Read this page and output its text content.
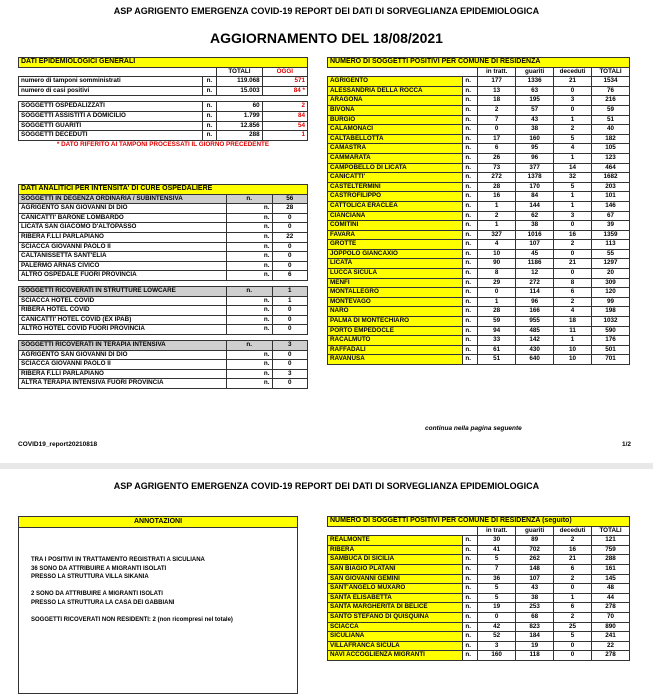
ASP AGRIGENTO EMERGENZA COVID-19 REPORT DEI DATI DI SORVEGLIANZA EPIDEMIOLOGICA
AGGIORNAMENTO DEL 18/08/2021
DATI EPIDEMIOLOGICI GENERALI			
		TOTALI	OGGI
numero di tamponi somministrati	n.	119.068	571
numero di casi positivi	n.	15.003	84 *

SOGGETTI OSPEDALIZZATI	n.	60	2
SOGGETTI ASSISTITI A DOMICILIO	n.	1.799	84
SOGGETTI GUARITI	n.	12.856	54
SOGGETTI DECEDUTI	n.	288	1
* DATO RIFERITO AI TAMPONI PROCESSATI IL GIORNO PRECEDENTE			
DATI ANALITICI PER INTENSITA' DI CURE OSPEDALIERE		
SOGGETTI IN DEGENZA ORDINARIA / SUBINTENSIVA	n.	56
AGRIGENTO SAN GIOVANNI DI DIO	n.	28
CANICATTI' BARONE LOMBARDO	n.	0
LICATA SAN GIACOMO D'ALTOPASSO	n.	0
RIBERA F.LLI PARLAPIANO	n.	22
SCIACCA GIOVANNI PAOLO II	n.	0
CALTANISSETTA SANT'ELIA	n.	0
PALERMO ARNAS CIVICO	n.	0
ALTRO OSPEDALE FUORI PROVINCIA	n.	6

SOGGETTI RICOVERATI IN STRUTTURE LOWCARE	n.	1
SCIACCA HOTEL COVID	n.	1
RIBERA HOTEL COVID	n.	0
CANICATTI' HOTEL COVID (EX IPAB)	n.	0
ALTRO HOTEL COVID FUORI PROVINCIA	n.	0

SOGGETTI RICOVERATI IN TERAPIA INTENSIVA	n.	3
AGRIGENTO SAN GIOVANNI DI DIO	n.	0
SCIACCA GIOVANNI PAOLO II	n.	0
RIBERA F.LLI PARLAPIANO	n.	3
ALTRA TERAPIA INTENSIVA FUORI PROVINCIA	n.	0
NUMERO DI SOGGETTI POSITIVI PER COMUNE DI RESIDENZA					
		in tratt.	guariti	deceduti	TOTALI
AGRIGENTO	n.	177	1336	21	1534
ALESSANDRIA DELLA ROCCA	n.	13	63	0	76
ARAGONA	n.	18	195	3	216
BIVONA	n.	2	57	0	59
BURGIO	n.	7	43	1	51
CALAMONACI	n.	0	38	2	40
CALTABELLOTTA	n.	17	160	5	182
CAMASTRA	n.	6	95	4	105
CAMMARATA	n.	26	96	1	123
CAMPOBELLO DI LICATA	n.	73	377	14	464
CANICATTI'	n.	272	1378	32	1682
CASTELTERMINI	n.	28	170	5	203
CASTROFILIPPO	n.	16	84	1	101
CATTOLICA ERACLEA	n.	1	144	1	146
CIANCIANA	n.	2	62	3	67
COMITINI	n.	1	38	0	39
FAVARA	n.	327	1016	16	1359
GROTTE	n.	4	107	2	113
JOPPOLO GIANCAXIO	n.	10	45	0	55
LICATA	n.	90	1186	21	1297
LUCCA SICULA	n.	8	12	0	20
MENFI	n.	29	272	8	309
MONTALLEGRO	n.	0	114	6	120
MONTEVAGO	n.	1	96	2	99
NARO	n.	28	166	4	198
PALMA DI MONTECHIARO	n.	59	955	18	1032
PORTO EMPEDOCLE	n.	94	485	11	590
RACALMUTO	n.	33	142	1	176
RAFFADALI	n.	61	430	10	501
RAVANUSA	n.	51	640	10	701
continua nella pagina seguente
COVID19_report20210818	1/2
ASP AGRIGENTO EMERGENZA COVID-19 REPORT DEI DATI DI SORVEGLIANZA EPIDEMIOLOGICA
ANNOTAZIONI
TRA I POSITIVI IN TRATTAMENTO REGISTRATI A SICULIANA
36 SONO DA ATTRIBUIRE A MIGRANTI ISOLATI
PRESSO LA STRUTTURA VILLA SIKANIA
2 SONO DA ATTRIBUIRE A MIGRANTI ISOLATI
PRESSO LA STRUTTURA LA CASA DEI GABBIANI
SOGGETTI RICOVERATI NON RESIDENTI: 2 (non ricompresi nel totale)
NUMERO DI SOGGETTI POSITIVI PER COMUNE DI RESIDENZA (seguito)					
		in tratt.	guariti	deceduti	TOTALI
REALMONTE	n.	30	89	2	121
RIBERA	n.	41	702	16	759
SAMBUCA DI SICILIA	n.	5	262	21	288
SAN BIAGIO PLATANI	n.	7	148	6	161
SAN GIOVANNI GEMINI	n.	36	107	2	145
SANT'ANGELO MUXARO	n.	5	43	0	48
SANTA ELISABETTA	n.	5	38	1	44
SANTA MARGHERITA DI BELICE	n.	19	253	6	278
SANTO STEFANO DI QUISQUINA	n.	0	68	2	70
SCIACCA	n.	42	823	25	890
SICULIANA	n.	52	184	5	241
VILLAFRANCA SICULA	n.	3	19	0	22
NAVI ACCOGLIENZA MIGRANTI	n.	160	118	0	278
